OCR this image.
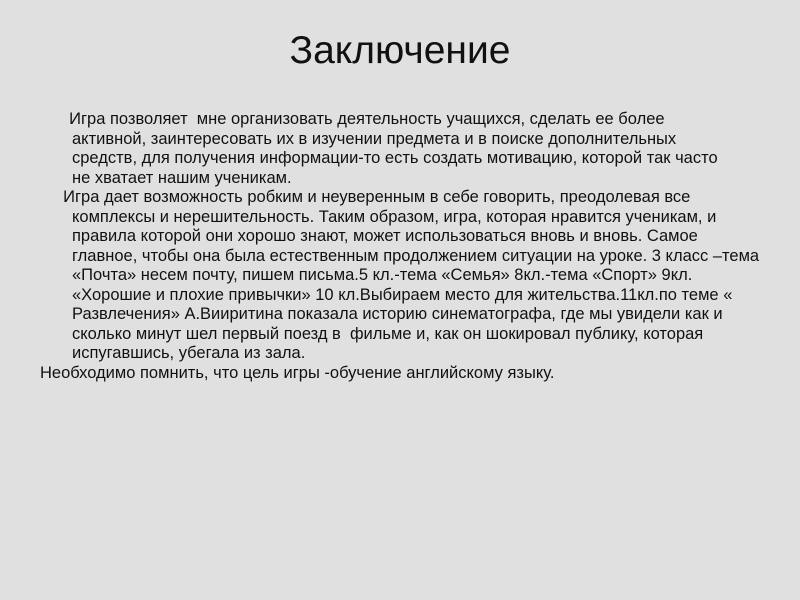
Заключение

Игра позволяет  мне организовать деятельность учащихся, сделать ее более активной, заинтересовать их в изучении предмета и в поиске дополнительных средств, для получения информации-то есть создать мотивацию, которой так часто не хватает нашим ученикам.

Игра дает возможность робким и неуверенным в себе говорить, преодолевая все комплексы и нерешительность. Таким образом, игра, которая нравится ученикам, и правила которой они хорошо знают, может использоваться вновь и вновь. Самое главное, чтобы она была естественным продолжением ситуации на уроке. 3 класс –тема «Почта» несем почту, пишем письма.5 кл.-тема «Семья» 8кл.-тема «Спорт» 9кл. «Хорошие и плохие привычки» 10 кл.Выбираем место для жительства.11кл.по теме « Развлечения» А.Вииритина показала историю синематографа, где мы увидели как и сколько минут шел первый поезд в  фильме и, как он шокировал публику, которая испугавшись, убегала из зала.

Необходимо помнить, что цель игры -обучение английскому языку.
